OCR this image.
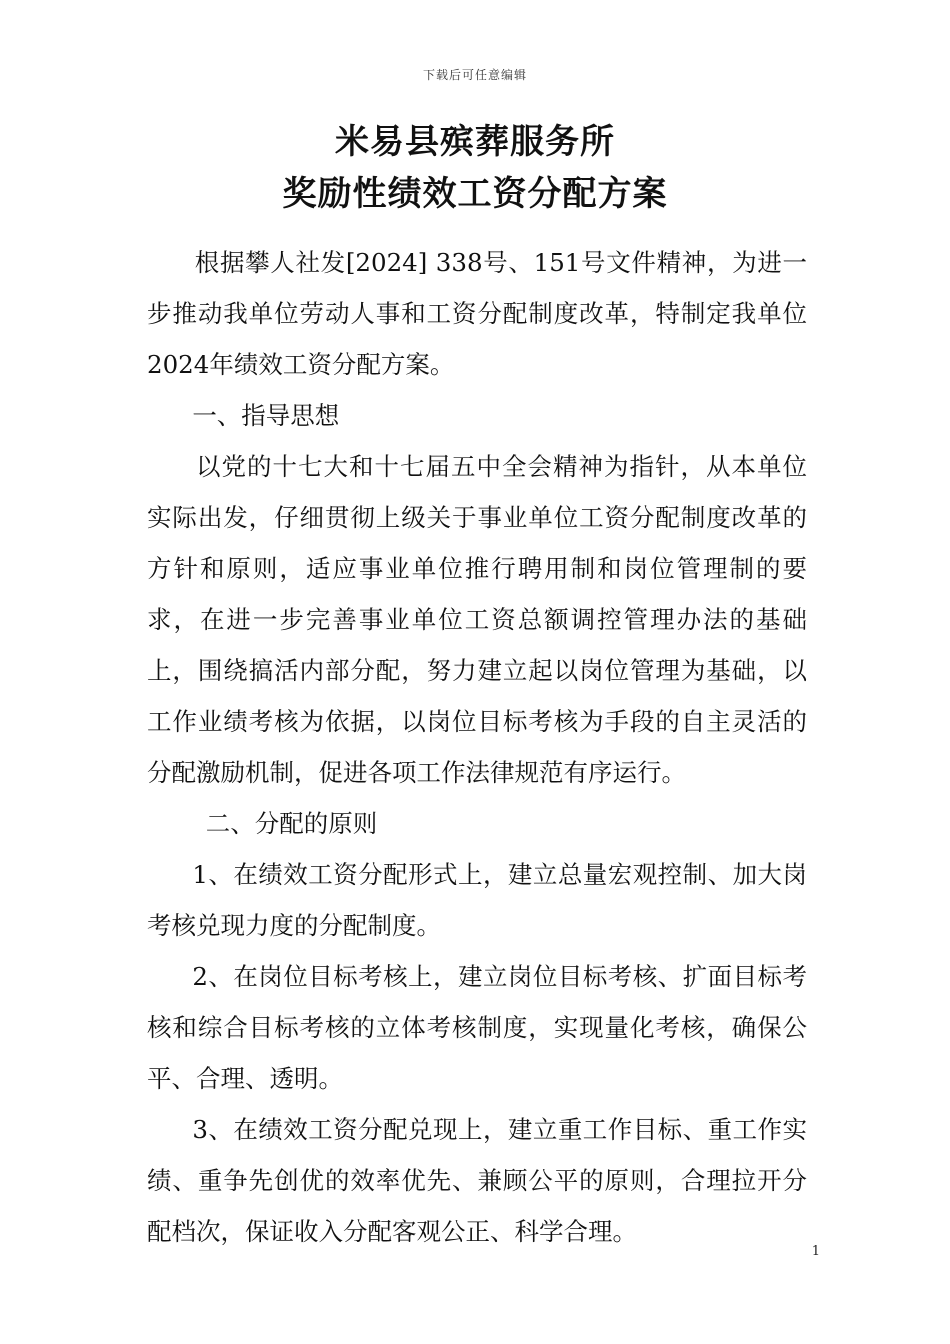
下载后可任意编辑
米易县殡葬服务所
奖励性绩效工资分配方案

根据攀人社发[2024] 338号、151号文件精神，为进一步推动我单位劳动人事和工资分配制度改革，特制定我单位2024年绩效工资分配方案。

一、指导思想

以党的十七大和十七届五中全会精神为指针，从本单位实际出发，仔细贯彻上级关于事业单位工资分配制度改革的方针和原则，适应事业单位推行聘用制和岗位管理制的要求，在进一步完善事业单位工资总额调控管理办法的基础上，围绕搞活内部分配，努力建立起以岗位管理为基础，以工作业绩考核为依据，以岗位目标考核为手段的自主灵活的分配激励机制，促进各项工作法律规范有序运行。

二、分配的原则

1、在绩效工资分配形式上，建立总量宏观控制、加大岗考核兑现力度的分配制度。

2、在岗位目标考核上，建立岗位目标考核、扩面目标考核和综合目标考核的立体考核制度，实现量化考核，确保公平、合理、透明。

3、在绩效工资分配兑现上，建立重工作目标、重工作实绩、重争先创优的效率优先、兼顾公平的原则，合理拉开分配档次，保证收入分配客观公正、科学合理。

1
